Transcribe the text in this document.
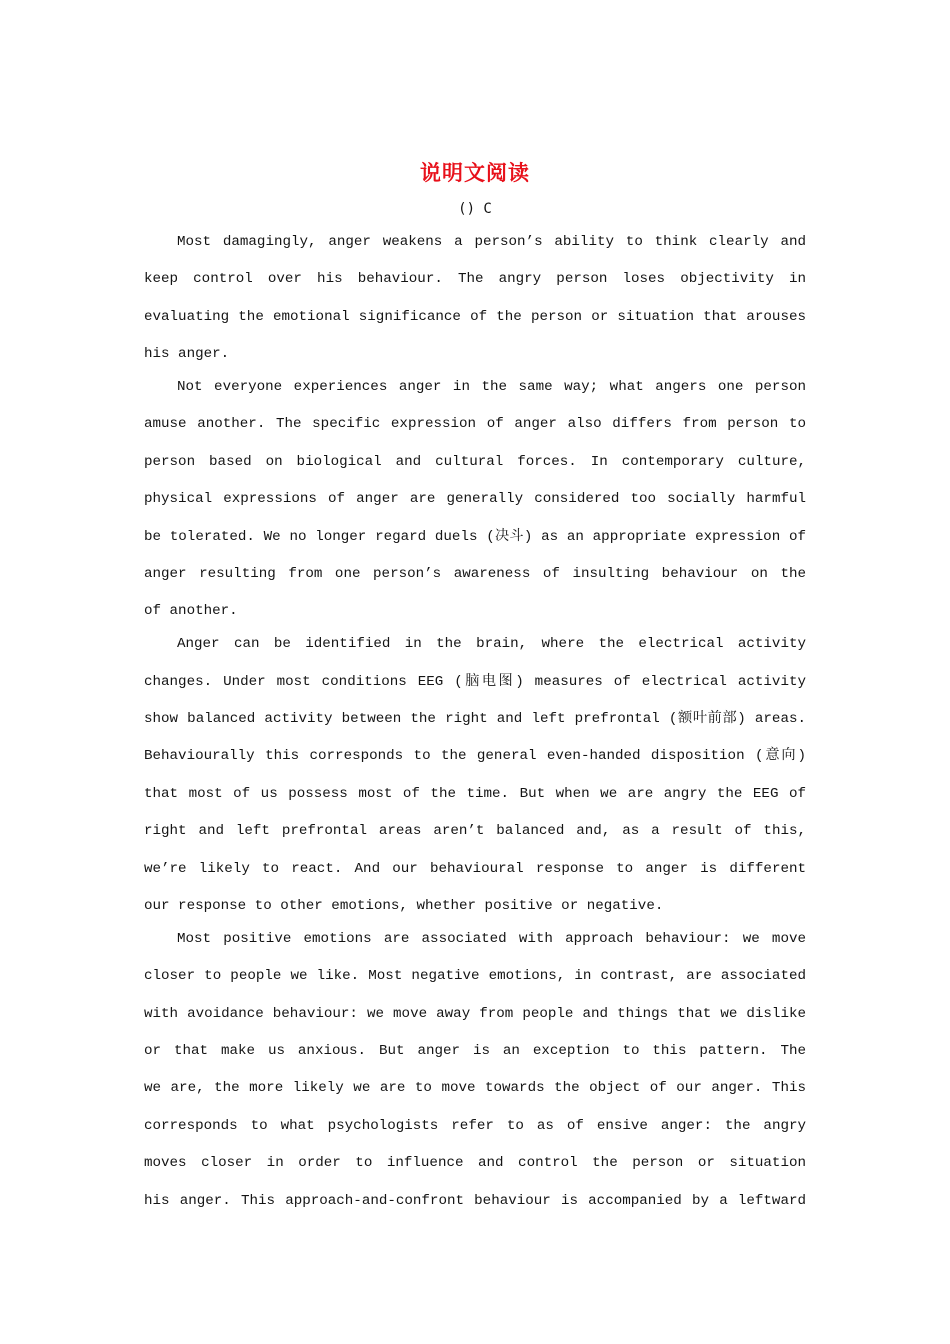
说明文阅读
() C
Most damagingly, anger weakens a person’s ability to think clearly and
keep control over his behaviour. The angry person loses objectivity in
evaluating the emotional significance of the person or situation that arouses
his anger.
Not everyone experiences anger in the same way; what angers one person
amuse another. The specific expression of anger also differs from person to
person based on biological and cultural forces. In contemporary culture,
physical expressions of anger are generally considered too socially harmful
be tolerated. We no longer regard duels (决斗) as an appropriate expression of
anger resulting from one person’s awareness of insulting behaviour on the
of another.
Anger can be identified in the brain, where the electrical activity
changes. Under most conditions EEG (脑电图) measures of electrical activity
show balanced activity between the right and left prefrontal (额叶前部) areas.
Behaviourally this corresponds to the general even-handed disposition (意向)
that most of us possess most of the time. But when we are angry the EEG of
right and left prefrontal areas aren’t balanced and, as a result of this,
we’re likely to react. And our behavioural response to anger is different
our response to other emotions, whether positive or negative.
Most positive emotions are associated with approach behaviour: we move
closer to people we like. Most negative emotions, in contrast, are associated
with avoidance behaviour: we move away from people and things that we dislike
or that make us anxious. But anger is an exception to this pattern. The
we are, the more likely we are to move towards the object of our anger. This
corresponds to what psychologists refer to as of ensive anger: the angry
moves closer in order to influence and control the person or situation
his anger. This approach-and-confront behaviour is accompanied by a leftward
